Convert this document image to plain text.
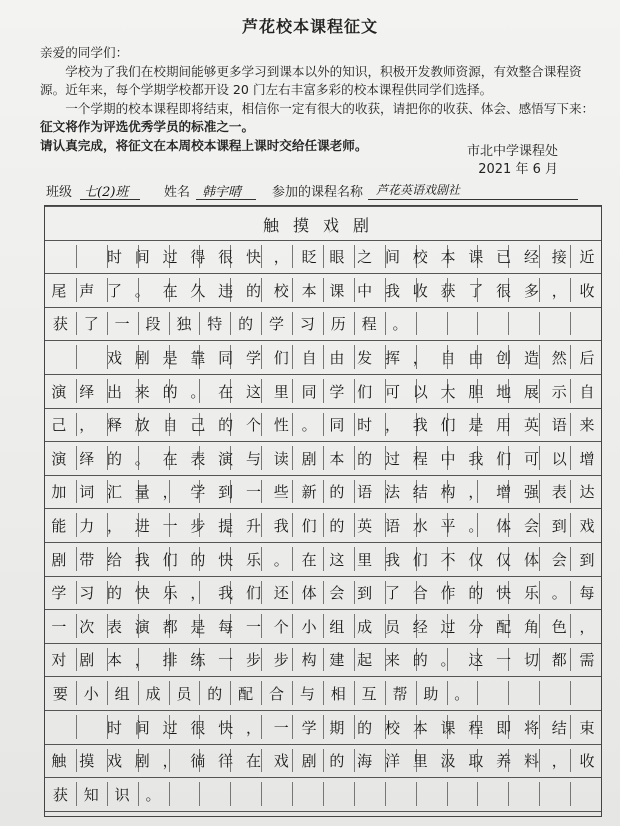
芦花校本课程征文

亲爱的同学们：

学校为了我们在校期间能够更多学习到课本以外的知识，积极开发教师资源，有效整合课程资源。近年来，每个学期学校都开设 20 门左右丰富多彩的校本课程供同学们选择。

一个学期的校本课程即将结束，相信你一定有很大的收获，请把你的收获、体会、感悟写下来：征文将作为评选优秀学员的标准之一。

请认真完成，将征文在本周校本课程上课时交给任课老师。	市北中学课程处
2021 年 6 月
班级 七(2)班	姓名 韩宇晴 参加的课程名称 芦花英语戏剧社
触摸戏剧
时 间 过 得 很 快 ， 眨 眼 之 间 校 本 课 已 经 接 近
尾 声 了 。 在 久 违 的 校 本 课 中 我 收 获 了 很 多 ， 收
获	了	一	段	独	特	的	学	习	历	程	。
戏 剧 是 靠 同 学 们 自 由 发 挥 ， 自 由 创 造 然 后
演 绎 出 来 的 。 在 这 里 同 学 们 可 以 大 胆 地 展 示 自
己 ， 释 放 自 己 的 个 性 。 同 时 ， 我 们 是 用 英 语 来
演 绎 的 。 在 表 演 与 读 剧 本 的 过 程 中 我 们 可 以 增
加 词 汇 量 ， 学 到 一 些 新 的 语 法 结 构 ， 增 强 表 达
能 力 ， 进 一 步 提 升 我 们 的 英 语 水 平 。 体 会 到 戏
剧 带 给 我 们 的 快 乐 。 在 这 里 我 们 不 仅 仅 体 会 到
学 习 的 快 乐 ， 我 们 还 体 会 到 了 合 作 的 快 乐 。 每
一 次 表 演 都 是 每 一 个 小 组 成 员 经 过 分 配 角 色 ，
对 剧 本 ， 排 练 一 步 步 构 建 起 来 的 。 这 一 切 都 需
要	小	组	成	员	的	配	合	与	相	互	帮	助	。
时 间 过 很 快 ， 一 学 期 的 校 本 课 程 即 将 结 束
触 摸 戏 剧 ， 徜 徉 在 戏 剧 的 海 洋 里 汲 取 养 料 ， 收
获	知	识	。
